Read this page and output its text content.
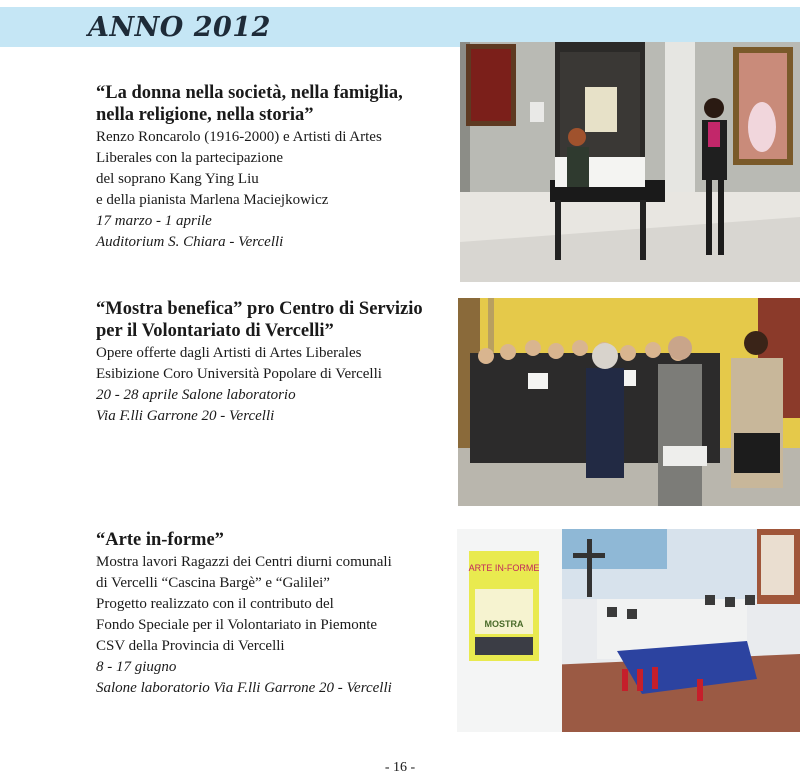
ANNO 2012
“La donna nella società, nella famiglia,
nella religione, nella storia”
Renzo Roncarolo (1916-2000) e Artisti di Artes
Liberales con la partecipazione
del soprano Kang Ying Liu
e della pianista Marlena Maciejkowicz
17 marzo - 1 aprile
Auditorium S. Chiara - Vercelli
“Mostra benefica” pro Centro di Servizio
per il Volontariato di Vercelli”
Opere offerte dagli Artisti di Artes Liberales
Esibizione Coro Università Popolare di Vercelli
20 - 28 aprile Salone laboratorio
Via F.lli Garrone 20 - Vercelli
“Arte in-forme”
Mostra lavori Ragazzi dei Centri diurni comunali
di Vercelli “Cascina Bargè” e “Galilei”
Progetto realizzato con il contributo del
Fondo Speciale per il Volontariato in Piemonte
CSV della Provincia di Vercelli
8 - 17 giugno
Salone laboratorio Via F.lli Garrone 20 - Vercelli
ARTE IN-FORME
MOSTRA
- 16 -
